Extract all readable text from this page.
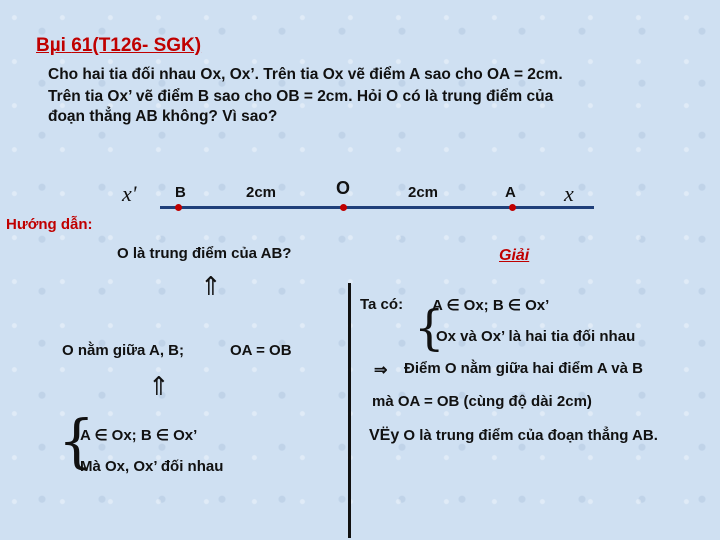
Bµi 61(T126- SGK)
Cho hai tia đối nhau Ox, Ox’. Trên tia Ox vẽ điểm A sao cho OA = 2cm.
Trên tia Ox’ vẽ điểm B sao cho OB = 2cm. Hỏi O có là trung điểm của
đoạn thẳng AB không? Vì sao?
x'	B	2cm	O	2cm	A x
Hướng dẫn:
O là trung điểm của AB?
⇑
O nằm giữa A, B;	OA = OB
⇑
{
A ∈ Ox; B ∈ Ox’
Mà Ox, Ox’ đối nhau
Giải
Ta có: A ∈ Ox; B ∈ Ox’
{
Ox và Ox’ là hai tia đối nhau
⇒ Điểm O nằm giữa hai điểm A và B
mà OA = OB (cùng độ dài 2cm)
VËy O là trung điểm của đoạn thẳng AB.
